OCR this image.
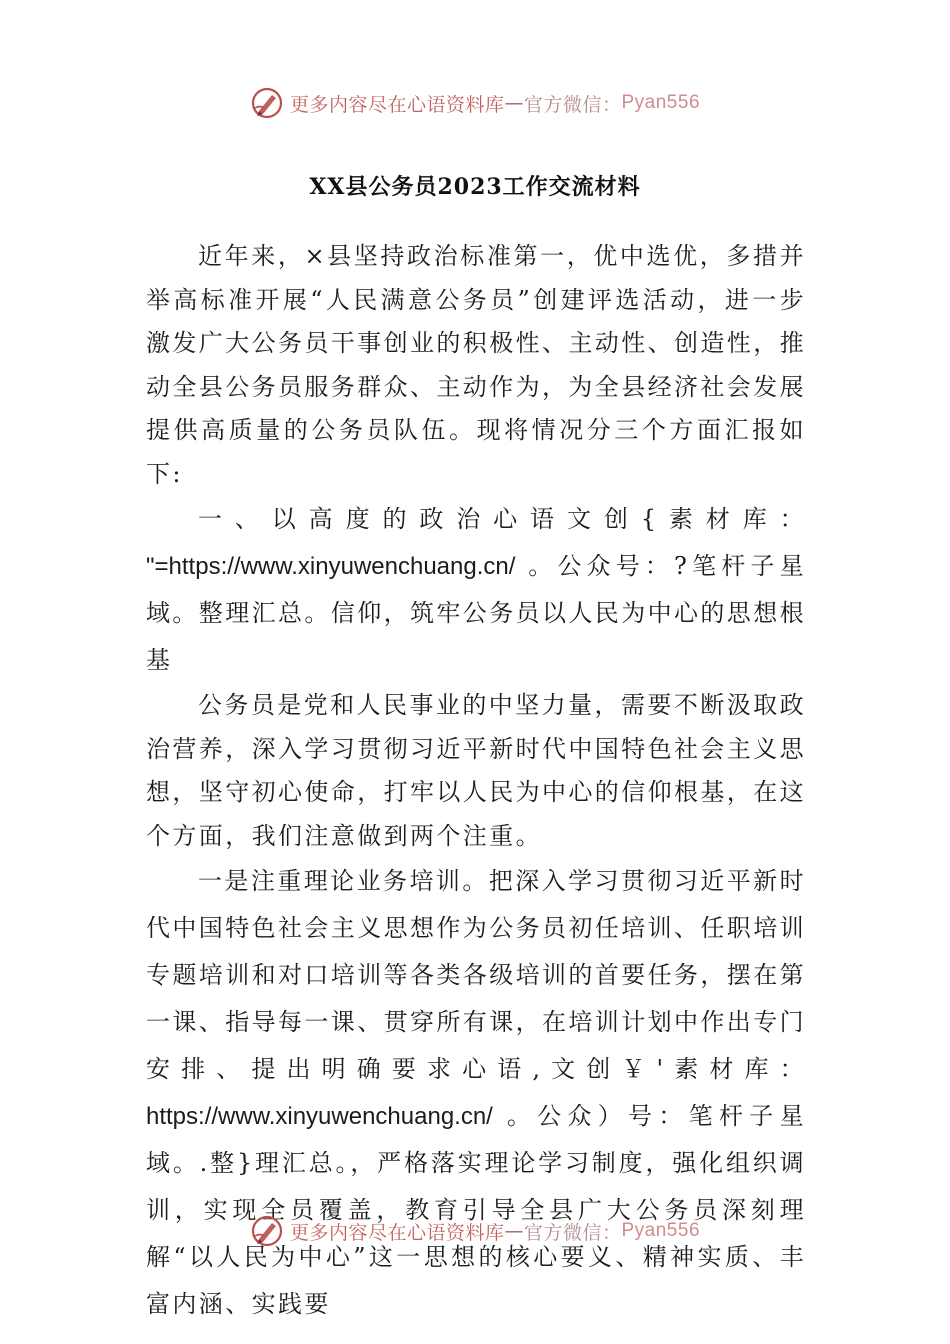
更多内容尽在心语资料库 — 官方微信： Pyan556
XX县公务员2023工作交流材料

近年来，×县坚持政治标准第一，优中选优，多措并举高标准开展“人民满意公务员”创建评选活动，进一步激发广大公务员干事创业的积极性、主动性、创造性，推动全县公务员服务群众、主动作为，为全县经济社会发展提供高质量的公务员队伍。现将情况分三个方面汇报如下:

一、以高度的政治心语文创{素材库： "=https://www.xinyuwenchuang.cn/ 。公众号：?笔杆子星域。整理汇总。信仰，筑牢公务员以人民为中心的思想根基

公务员是党和人民事业的中坚力量，需要不断汲取政治营养，深入学习贯彻习近平新时代中国特色社会主义思想，坚守初心使命，打牢以人民为中心的信仰根基，在这个方面，我们注意做到两个注重。

一是注重理论业务培训。把深入学习贯彻习近平新时代中国特色社会主义思想作为公务员初任培训、任职培训专题培训和对口培训等各类各级培训的首要任务，摆在第一课、指导每一课、贯穿所有课，在培训计划中作出专门安排、提出明确要求心语,文创￥'素材库： https://www.xinyuwenchuang.cn/ 。公众）号：笔杆子星域。.整}理汇总。，严格落实理论学习制度，强化组织调训，实现全员覆盖，教育引导全县广大公务员深刻理解“以人民为中心”这一思想的核心要义、精神实质、丰富内涵、实践要

更多内容尽在心语资料库 — 官方微信： Pyan556
